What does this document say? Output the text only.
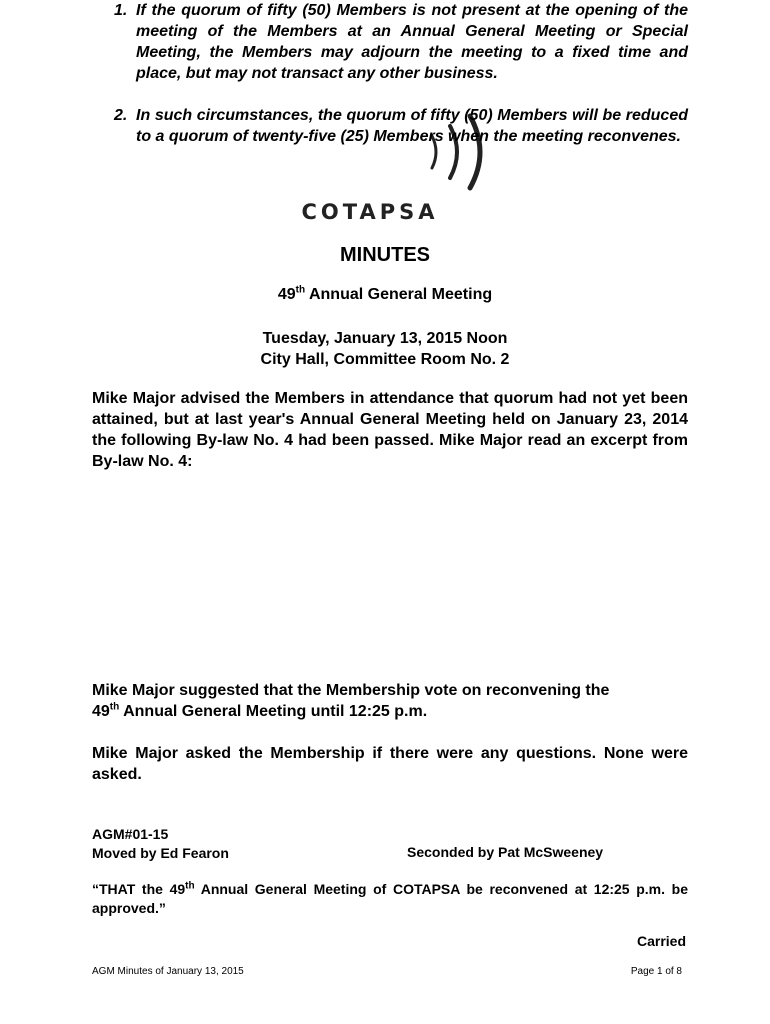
COTAPSA
MINUTES
49th Annual General Meeting
Tuesday, January 13, 2015 Noon
City Hall, Committee Room No. 2

Mike Major advised the Members in attendance that quorum had not yet been attained, but at last year's Annual General Meeting held on January 23, 2014 the following By-law No. 4 had been passed. Mike Major read an excerpt from By-law No. 4:

1. If the quorum of fifty (50) Members is not present at the opening of the meeting of the Members at an Annual General Meeting or Special Meeting, the Members may adjourn the meeting to a fixed time and place, but may not transact any other business.
2. In such circumstances, the quorum of fifty (50) Members will be reduced to a quorum of twenty-five (25) Members when the meeting reconvenes.
Mike Major suggested that the Membership vote on reconvening the
49th Annual General Meeting until 12:25 p.m.

Mike Major asked the Membership if there were any questions. None were asked.

AGM#01-15
Moved by Ed Fearon	Seconded by Pat McSweeney
“THAT the 49th Annual General Meeting of COTAPSA be reconvened at 12:25 p.m. be approved.”
Carried
AGM Minutes of January 13, 2015	Page 1 of 8
